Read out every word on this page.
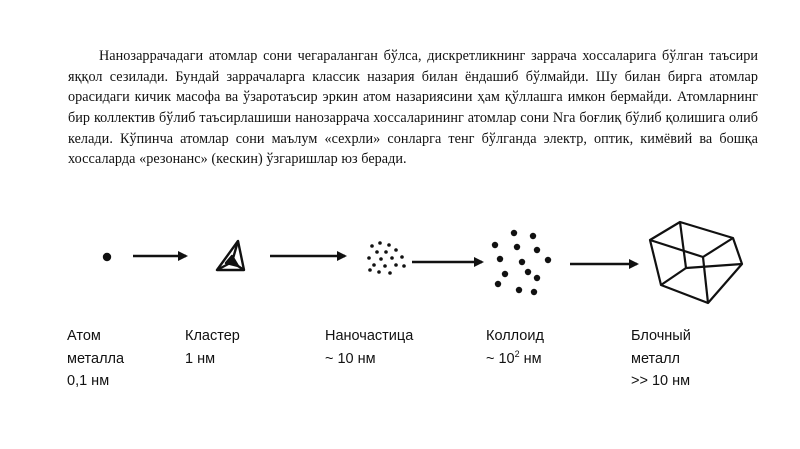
Нанозаррачадаги атомлар сони чегараланган бўлса, дискретликнинг заррача хоссаларига бўлган таъсири яққол сезилади. Бундай заррачаларга классик назария билан ёндашиб бўлмайди. Шу билан бирга атомлар орасидаги кичик масофа ва ўзаротаъсир эркин атом назариясини ҳам қўллашга имкон бермайди. Атомларнинг бир коллектив бўлиб таъсирлашиши нанозаррача хоссаларининг атомлар сони Nга боғлиқ бўлиб қолишига олиб келади. Кўпинча атомлар сони маълум «сехрли» сонларга тенг бўлганда электр, оптик, кимёвий ва бошқа хоссаларда «резонанс» (кескин) ўзгаришлар юз беради.

Атом
металла
0,1 нм
Кластер
1 нм
Наночастица
~ 10 нм
Коллоид
~ $10^2$ нм
Блочный
металл
>> 10 нм
